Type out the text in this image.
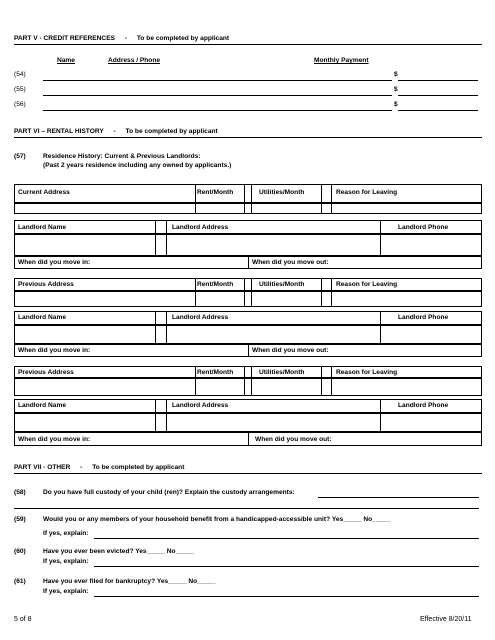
PART V - CREDIT REFERENCES - To be completed by applicant
Name	Address / Phone	Monthly Payment
(54)	$
(55)	$
(56)	$
PART VI – RENTAL HISTORY - To be completed by applicant
(57)	Residence History: Current & Previous Landlords:
(Past 2 years residence including any owned by applicants.)
Current Address	Rent/Month	Utilities/Month	Reason for Leaving
Landlord Name	Landlord Address	Landlord Phone
When did you move in:	When did you move out:
Previous Address	Rent/Month	Utilities/Month	Reason for Leaving
Landlord Name	Landlord Address	Landlord Phone
When did you move in:	When did you move out:
Previous Address	Rent/Month	Utilities/Month	Reason for Leaving
Landlord Name	Landlord Address	Landlord Phone
When did you move in:	When did you move out:
PART VII - OTHER - To be completed by applicant
(58)	Do you have full custody of your child (ren)? Explain the custody arrangements:
(59)	Would you or any members of your household benefit from a handicapped-accessible unit? Yes_____ No_____
If yes, explain:
(60)	Have you ever been evicted? Yes_____ No_____
If yes, explain:
(61)	Have you ever filed for bankruptcy? Yes_____ No_____
If yes, explain:
5 of 8	Effective 8/20/11
